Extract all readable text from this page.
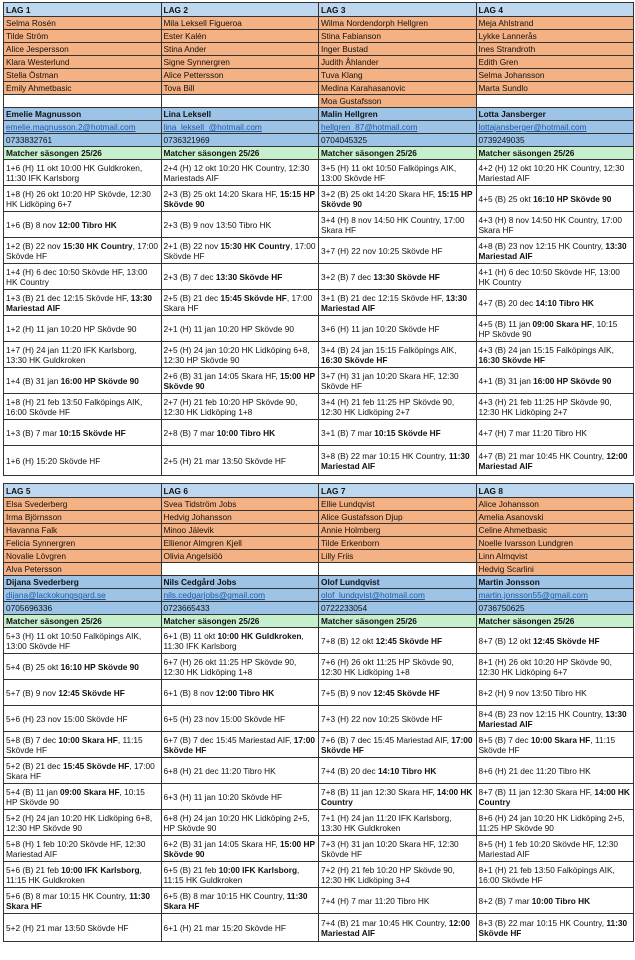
LAG 1	LAG 2	LAG 3	LAG 4
Selma Rosén	Mila Leksell Figueroa	Wilma Nordendorph Hellgren	Meja Ahlstrand
Tilde Ström	Ester Kalén	Stina Fabianson	Lykke Lannerås
Alice Jespersson	Stina Ander	Inger Bustad	Ines Strandroth
Klara Westerlund	Signe Synnergren	Judith Åhlander	Edith Gren
Stella Östman	Alice Pettersson	Tuva Klang	Selma Johansson
Emily Ahmetbasic	Tova Bill	Medina Karahasanovic	Marta Sundlo
		Moa Gustafsson	
Emelie Magnusson	Lina Leksell	Malin Hellgren	Lotta Jansberger
emelie.magnusson.2@hotmail.com	lina_leksell_@hotmail.com	hellgren_87@hotmail.com	lottajansberger@hotmail.com
0733832761	0736321969	0704045325	0739249035
Matcher säsongen 25/26	Matcher säsongen 25/26	Matcher säsongen 25/26	Matcher säsongen 25/26
1+6 (H) 11 okt 10:00 HK Guldkroken, 11:30 IFK Karlsborg	2+4 (H) 12 okt 10:20 HK Country, 12:30 Mariestads AIF	3+5 (H) 11 okt 10:50 Falköpings AIK, 13:00 Skövde HF	4+2 (H) 12 okt 10:20 HK Country, 12:30 Mariestad AIF
1+8 (H) 26 okt 10:20 HP Skövde, 12:30 HK Lidköping 6+7	2+3 (B) 25 okt 14:20 Skara HF, 15:15 HP Skövde 90	3+2 (B) 25 okt 14:20 Skara HF, 15:15 HP Skövde 90	4+5 (B) 25 okt 16:10 HP Skövde 90
1+6 (B) 8 nov 12:00 Tibro HK	2+3 (B) 9 nov 13:50 Tibro HK	3+4 (H) 8 nov 14:50 HK Country, 17:00 Skara HF	4+3 (H) 8 nov 14:50 HK Country, 17:00 Skara HF
1+2 (B) 22 nov 15:30 HK Country, 17:00 Skövde HF	2+1 (B) 22 nov 15:30 HK Country, 17:00 Skövde HF	3+7 (H) 22 nov 10:25 Skövde HF	4+8 (B) 23 nov 12:15 HK Country, 13:30 Mariestad AIF
1+4 (H) 6 dec 10:50 Skövde HF, 13:00 HK Country	2+3 (B) 7 dec 13:30 Skövde HF	3+2 (B) 7 dec 13:30 Skövde HF	4+1 (H) 6 dec 10:50 Skövde HF, 13:00 HK Country
1+3 (B) 21 dec 12:15 Skövde HF, 13:30 Mariestad AIF	2+5 (B) 21 dec 15:45 Skövde HF, 17:00 Skara HF	3+1 (B) 21 dec 12:15 Skövde HF, 13:30 Mariestad AIF	4+7 (B) 20 dec 14:10 Tibro HK
1+2 (H) 11 jan 10:20 HP Skövde 90	2+1 (H) 11 jan 10:20 HP Skövde 90	3+6 (H) 11 jan 10:20 Skövde HF	4+5 (B) 11 jan 09:00 Skara HF, 10:15 HP Skövde 90
1+7 (H) 24 jan 11:20 IFK Karlsborg, 13:30 HK Guldkroken	2+5 (H) 24 jan 10:20 HK Lidköping 6+8, 12:30 HP Skövde 90	3+4 (B) 24 jan 15:15 Falköpings AIK, 16:30 Skövde HF	4+3 (B) 24 jan 15:15 Falköpings AIK, 16:30 Skövde HF
1+4 (B) 31 jan 16:00 HP Skövde 90	2+6 (B) 31 jan 14:05 Skara HF, 15:00 HP Skövde 90	3+7 (H) 31 jan 10:20 Skara HF, 12:30 Skövde HF	4+1 (B) 31 jan 16:00 HP Skövde 90
1+8 (H) 21 feb 13:50 Falköpings AIK, 16:00 Skövde HF	2+7 (H) 21 feb 10:20 HP Skövde 90, 12:30 HK Lidköping 1+8	3+4 (H) 21 feb 11:25 HP Skövde 90, 12:30 HK Lidköping 2+7	4+3 (H) 21 feb 11:25 HP Skövde 90, 12:30 HK Lidköping 2+7
1+3 (B) 7 mar 10:15 Skövde HF	2+8 (B) 7 mar 10:00 Tibro HK	3+1 (B) 7 mar 10:15 Skövde HF	4+7 (H) 7 mar 11:20 Tibro HK
1+6 (H) 15:20 Skövde HF	2+5 (H) 21 mar 13:50 Skövde HF	3+8 (B) 22 mar 10:15 HK Country, 11:30 Mariestad AIF	4+7 (B) 21 mar 10:45 HK Country, 12:00 Mariestad AIF
LAG 5	LAG 6	LAG 7	LAG 8
Elsa Svederberg	Svea Tidström Jobs	Ellie Lundqvist	Alice Johansson
Irma Björnsson	Hedvig Johansson	Alice Gustafsson Djup	Amelia Asanovski
Havanna Falk	Minoo Jälevik	Annie Holmberg	Celine Ahmetbasic
Felicia Synnergren	Ellienor Almgren Kjell	Tilde Erkenborn	Noelle Ivarsson Lundgren
Novalie Lövgren	Olivia Angelsiöö	Lilly Friis	Linn Almqvist
Alva Petersson			Hedvig Scarlini
Dijana Svederberg	Nils Cedgård Jobs	Olof Lundqvist	Martin Jonsson
dijana@lackokungsgard.se	nils.cedgarjobs@gmail.com	olof_lundqvist@hotmail.com	martin.jonsson55@gmail.com
0705696336	0723665433	0722233054	0736750625
Matcher säsongen 25/26	Matcher säsongen 25/26	Matcher säsongen 25/26	Matcher säsongen 25/26
5+3 (H) 11 okt 10:50 Falköpings AIK, 13:00 Skövde HF	6+1 (B) 11 okt 10:00 HK Guldkroken, 11:30 IFK Karlsborg	7+8 (B) 12 okt 12:45 Skövde HF	8+7 (B) 12 okt 12:45 Skövde HF
5+4 (B) 25 okt 16:10 HP Skövde 90	6+7 (H) 26 okt 11:25 HP Skövde 90, 12:30 HK Lidköping 1+8	7+6 (H) 26 okt 11:25 HP Skövde 90, 12:30 HK Lidköping 1+8	8+1 (H) 26 okt 10:20 HP Skövde 90, 12:30 HK Lidköping 6+7
5+7 (B) 9 nov 12:45 Skövde HF	6+1 (B) 8 nov 12:00 Tibro HK	7+5 (B) 9 nov 12:45 Skövde HF	8+2 (H) 9 nov 13:50 Tibro HK
5+6 (H) 23 nov 15:00 Skövde HF	6+5 (H) 23 nov 15:00 Skövde HF	7+3 (H) 22 nov 10:25 Skövde HF	8+4 (B) 23 nov 12:15 HK Country, 13:30 Mariestad AIF
5+8 (B) 7 dec 10:00 Skara HF, 11:15 Skövde HF	6+7 (B) 7 dec 15:45 Mariestad AIF, 17:00 Skövde HF	7+6 (B) 7 dec 15:45 Mariestad AIF, 17:00 Skövde HF	8+5 (B) 7 dec 10:00 Skara HF, 11:15 Skövde HF
5+2 (B) 21 dec 15:45 Skövde HF, 17:00 Skara HF	6+8 (H) 21 dec 11:20 Tibro HK	7+4 (B) 20 dec 14:10 Tibro HK	8+6 (H) 21 dec 11:20 Tibro HK
5+4 (B) 11 jan 09:00 Skara HF, 10:15 HP Skövde 90	6+3 (H) 11 jan 10:20 Skövde HF	7+8 (B) 11 jan 12:30 Skara HF, 14:00 HK Country	8+7 (B) 11 jan 12:30 Skara HF, 14:00 HK Country
5+2 (H) 24 jan 10:20 HK Lidköping 6+8, 12:30 HP Skövde 90	6+8 (H) 24 jan 10:20 HK Lidköping 2+5, HP Skövde 90	7+1 (H) 24 jan 11:20 IFK Karlsborg, 13:30 HK Guldkroken	8+6 (H) 24 jan 10:20 HK Lidköping 2+5, 11:25 HP Skövde 90
5+8 (H) 1 feb 10:20 Skövde HF, 12:30 Mariestad AIF	6+2 (B) 31 jan 14:05 Skara HF, 15:00 HP Skövde 90	7+3 (H) 31 jan 10:20 Skara HF, 12:30 Skövde HF	8+5 (H) 1 feb 10:20 Skövde HF, 12:30 Mariestad AIF
5+6 (B) 21 feb 10:00 IFK Karlsborg, 11:15 HK Guldkroken	6+5 (B) 21 feb 10:00 IFK Karlsborg, 11:15 HK Guldkroken	7+2 (H) 21 feb 10:20 HP Skövde 90, 12:30 HK Lidköping 3+4	8+1 (H) 21 feb 13:50 Falköpings AIK, 16:00 Skövde HF
5+6 (B) 8 mar 10:15 HK Country, 11:30 Skara HF	6+5 (B) 8 mar 10:15 HK Country, 11:30 Skara HF	7+4 (H) 7 mar 11:20 Tibro HK	8+2 (B) 7 mar 10:00 Tibro HK
5+2 (H) 21 mar 13:50 Skövde HF	6+1 (H) 21 mar 15:20 Skövde HF	7+4 (B) 21 mar 10:45 HK Country, 12:00 Mariestad AIF	8+3 (B) 22 mar 10:15 HK Country, 11:30 Skövde HF
